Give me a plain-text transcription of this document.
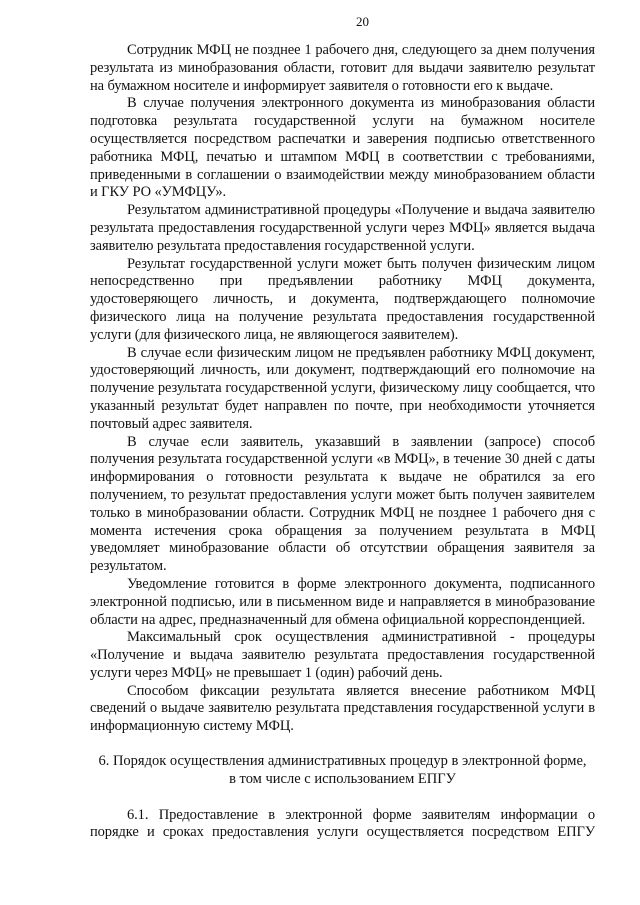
20

Сотрудник МФЦ не позднее 1 рабочего дня, следующего за днем получения результата из минобразования области, готовит для выдачи заявителю результат на бумажном носителе и информирует заявителя о готовности его к выдаче.

В случае получения электронного документа из минобразования области подготовка результата государственной услуги на бумажном носителе осуществляется посредством распечатки и заверения подписью ответственного работника МФЦ, печатью и штампом МФЦ в соответствии с требованиями, приведенными в соглашении о взаимодействии между минобразованием области и ГКУ РО «УМФЦУ».

Результатом административной процедуры «Получение и выдача заявителю результата предоставления государственной услуги через МФЦ» является выдача заявителю результата предоставления государственной услуги.

Результат государственной услуги может быть получен физическим лицом непосредственно при предъявлении работнику МФЦ документа, удостоверяющего личность, и документа, подтверждающего полномочие физического лица на получение результата предоставления государственной услуги (для физического лица, не являющегося заявителем).

В случае если физическим лицом не предъявлен работнику МФЦ документ, удостоверяющий личность, или документ, подтверждающий его полномочие на получение результата государственной услуги, физическому лицу сообщается, что указанный результат будет направлен по почте, при необходимости уточняется почтовый адрес заявителя.

В случае если заявитель, указавший в заявлении (запросе) способ получения результата государственной услуги «в МФЦ», в течение 30 дней с даты информирования о готовности результата к выдаче не обратился за его получением, то результат предоставления услуги может быть получен заявителем только в минобразовании области. Сотрудник МФЦ не позднее 1 рабочего дня с момента истечения срока обращения за получением результата в МФЦ уведомляет минобразование области об отсутствии обращения заявителя за результатом.

Уведомление готовится в форме электронного документа, подписанного электронной подписью, или в письменном виде и направляется в минобразование области на адрес, предназначенный для обмена официальной корреспонденцией.

Максимальный срок осуществления административной - процедуры «Получение и выдача заявителю результата предоставления государственной услуги через МФЦ» не превышает 1 (один) рабочий день.

Способом фиксации результата является внесение работником МФЦ сведений о выдаче заявителю результата представления государственной услуги в информационную систему МФЦ.

6. Порядок осуществления административных процедур в электронной форме,
в том числе с использованием ЕПГУ

6.1. Предоставление в электронной форме заявителям информации о порядке и сроках предоставления услуги осуществляется посредством ЕПГУ
